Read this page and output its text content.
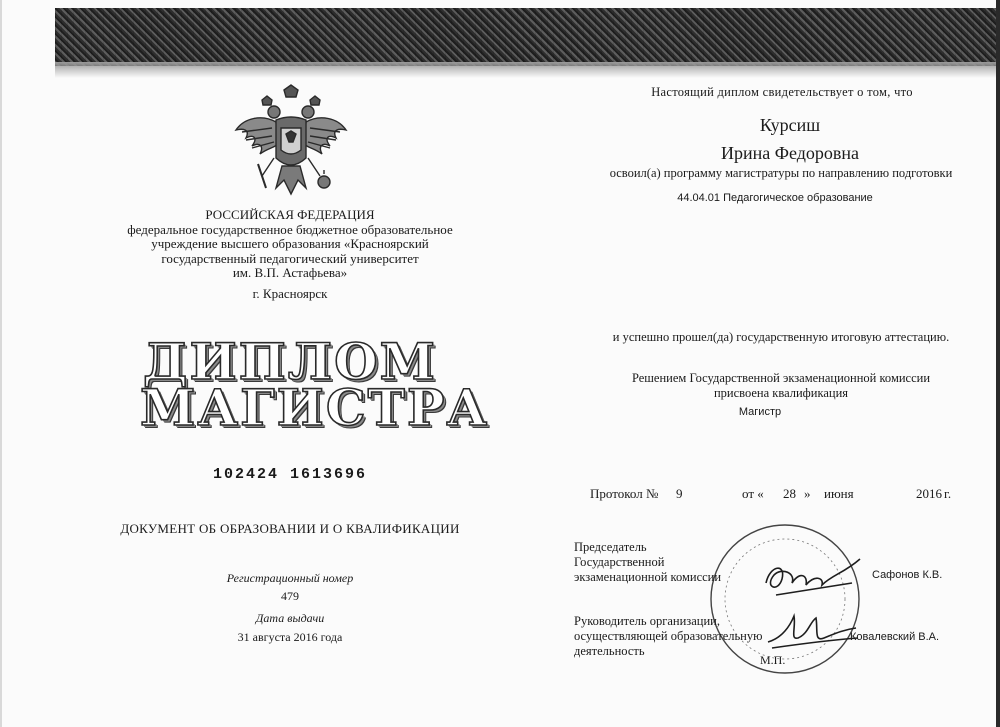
РОССИЙСКАЯ ФЕДЕРАЦИЯ
федеральное государственное бюджетное образовательное
учреждение высшего образования «Красноярский
государственный педагогический университет
им. В.П. Астафьева»
г. Красноярск
ДИПЛОМ
МАГИСТРА
102424 1613696
ДОКУМЕНТ ОБ ОБРАЗОВАНИИ И О КВАЛИФИКАЦИИ
Регистрационный номер
479
Дата выдачи
31 августа 2016 года
Настоящий диплом свидетельствует о том, что
Курсиш
Ирина Федоровна
освоил(а) программу магистратуры по направлению подготовки
44.04.01 Педагогическое образование
и успешно прошел(да) государственную итоговую аттестацию.
Решением Государственной экзаменационной комиссии
присвоена квалификация
Магистр
Протокол № 9	от « 28 » июня	2016 г.
Председатель
Государственной
экзаменационной комиссии	Сафонов К.В.
Руководитель организации,
осуществляющей образовательную
деятельность
Ковалевский В.А.
М.П.
